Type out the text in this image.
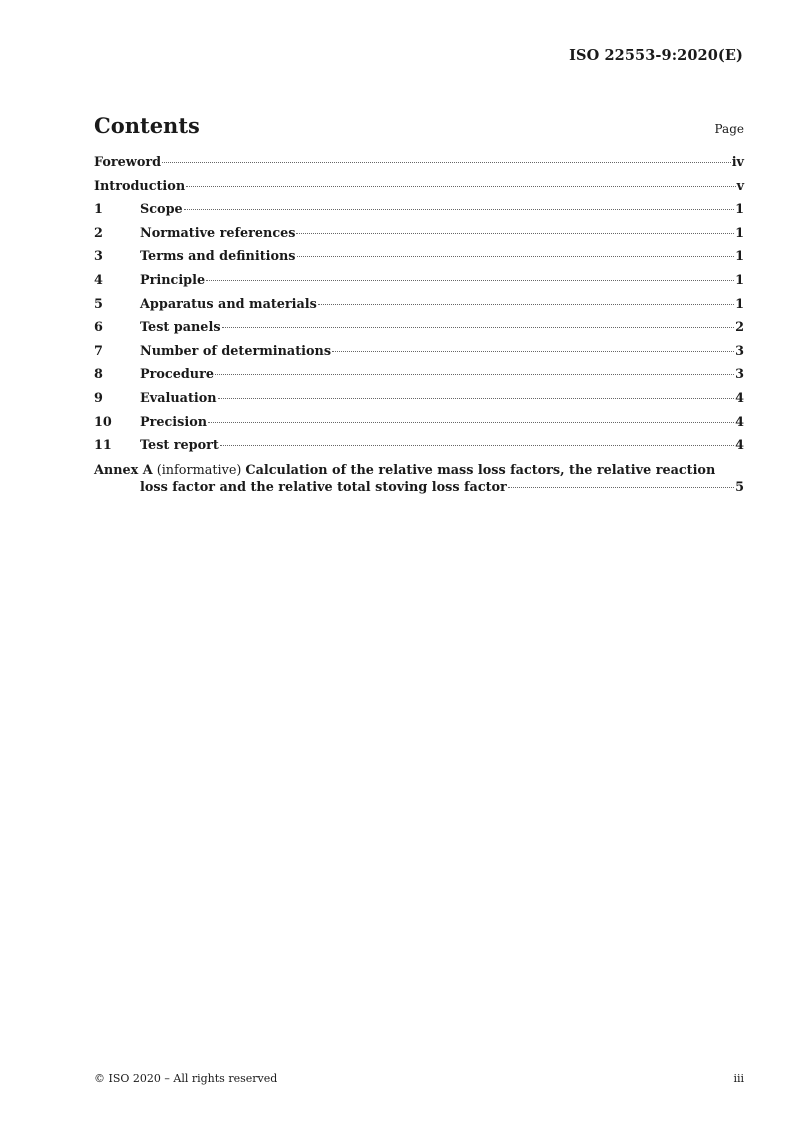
ISO 22553-9:2020(E)
Contents	Page
Foreword	iv
Introduction	v
1	Scope	1
2	Normative references	1
3	Terms and definitions	1
4	Principle	1
5	Apparatus and materials	1
6	Test panels	2
7	Number of determinations	3
8	Procedure	3
9	Evaluation	4
10	Precision	4
11	Test report	4
Annex A (informative) Calculation of the relative mass loss factors, the relative reaction
loss factor and the relative total stoving loss factor	5
© ISO 2020 – All rights reserved	iii
